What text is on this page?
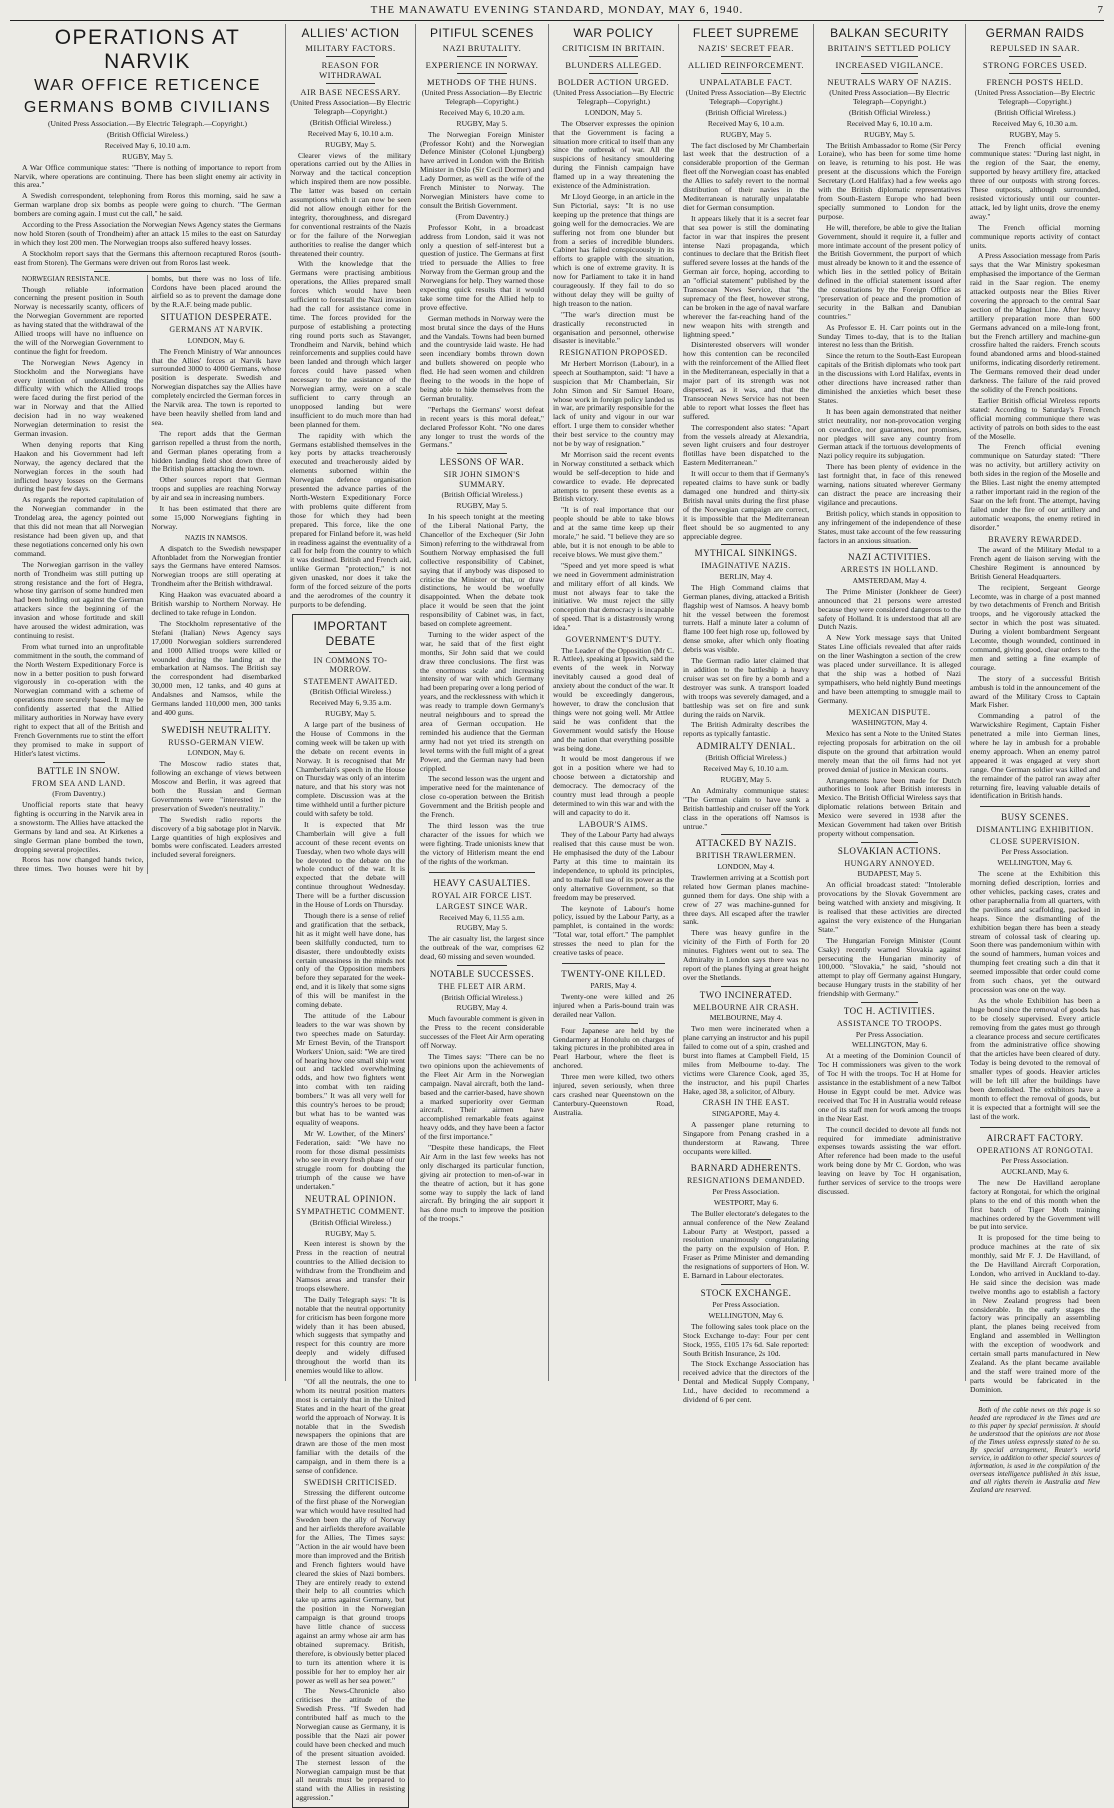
THE MANAWATU EVENING STANDARD, MONDAY, MAY 6, 1940.	7
OPERATIONS AT NARVIK
WAR OFFICE RETICENCE
GERMANS BOMB CIVILIANS

(United Press Association.—By Electric Telegraph.—Copyright.)

(British Official Wireless.)

Received May 6, 10.10 a.m.

RUGBY, May 5.

A War Office communique states: "There is nothing of importance to report from Narvik, where operations are continuing. There has been slight enemy air activity in this area."

A Swedish correspondent, telephoning from Roros this morning, said he saw a German warplane drop six bombs as people were going to church. "The German bombers are coming again. I must cut the call," he said.

According to the Press Association the Norwegian News Agency states the Germans now hold Storen (south of Trondheim) after an attack 15 miles to the east on Saturday in which they lost 200 men. The Norwegian troops also suffered heavy losses.

A Stockholm report says that the Germans this afternoon recaptured Roros (south-east from Storen). The Germans were driven out from Roros last week.

NORWEGIAN RESISTANCE.

Though reliable information concerning the present position in South Norway is necessarily scanty, officers of the Norwegian Government are reported as having stated that the withdrawal of the Allied troops will have no influence on the will of the Norwegian Government to continue the fight for freedom.

The Norwegian News Agency in Stockholm and the Norwegians have every intention of understanding the difficulty with which the Allied troops were faced during the first period of the war in Norway and that the Allied decision had in no way weakened Norwegian determination to resist the German invasion.

When denying reports that King Haakon and his Government had left Norway, the agency declared that the Norwegian forces in the south had inflicted heavy losses on the Germans during the past few days.

As regards the reported capitulation of the Norwegian commander in the Trondelag area, the agency pointed out that this did not mean that all Norwegian resistance had been given up, and that these negotiations concerned only his own command.

The Norwegian garrison in the valley north of Trondheim was still putting up strong resistance and the fort of Hegra, whose tiny garrison of some hundred men had been holding out against the German attackers since the beginning of the invasion and whose fortitude and skill have aroused the widest admiration, was continuing to resist.

From what turned into an unprofitable commitment in the south, the command of the North Western Expeditionary Force is now in a better position to push forward vigorously in co-operation with the Norwegian command with a scheme of operations more securely based. It may be confidently asserted that the Allied military authorities in Norway have every right to expect that all of the British and French Governments rue to stint the effort they promised to make in support of Hitler's latest victims.

BATTLE IN SNOW.
FROM SEA AND LAND.

(From Daventry.)

Unofficial reports state that heavy fighting is occurring in the Narvik area in a snowstorm. The Allies have attacked the Germans by land and sea. At Kirkenes a single German plane bombed the town, dropping several projectiles.

Roros has now changed hands twice, three times. Two houses were hit by bombs, but there was no loss of life. Cordons have been placed around the airfield so as to prevent the damage done by the R.A.F. being made public.

SITUATION DESPERATE.
GERMANS AT NARVIK.

LONDON, May 6.

The French Ministry of War announces that the Allies' forces at Narvik have surrounded 3000 to 4000 Germans, whose position is desperate. Swedish and Norwegian dispatches say the Allies have completely encircled the German forces in the Narvik area. The town is reported to have been heavily shelled from land and sea.

The report adds that the German garrison repelled a thrust from the north, and German planes operating from a hidden landing field shot down three of the British planes attacking the town.

Other sources report that German troops and supplies are reaching Norway by air and sea in increasing numbers.

It has been estimated that there are some 15,000 Norwegians fighting in Norway.

NAZIS IN NAMSOS.

A dispatch to the Swedish newspaper Aftonbladet from the Norwegian frontier says the Germans have entered Namsos. Norwegian troops are still operating at Trondheim after the British withdrawal.

King Haakon was evacuated aboard a British warship to Northern Norway. He declined to take refuge in London.

The Stockholm representative of the Stefani (Italian) News Agency says 17,000 Norwegian soldiers surrendered and 1000 Allied troops were killed or wounded during the landing at the embarkation at Namsos. The British say the correspondent had disembarked 30,000 men, 12 tanks, and 40 guns at Andalsnes and Namsos, while the Germans landed 110,000 men, 300 tanks and 400 guns.

SWEDISH NEUTRALITY.
RUSSO-GERMAN VIEW.

LONDON, May 6.

The Moscow radio states that, following an exchange of views between Moscow and Berlin, it was agreed that both the Russian and German Governments were "interested in the preservation of Sweden's neutrality."

The Swedish radio reports the discovery of a big sabotage plot in Narvik. Large quantities of high explosives and bombs were confiscated. Leaders arrested included several foreigners.

ALLIES' ACTION
MILITARY FACTORS.
REASON FOR WITHDRAWAL
AIR BASE NECESSARY.

(United Press Association—By Electric Telegraph—Copyright.)

(British Official Wireless.)

Received May 6, 10.10 a.m.

RUGBY, May 5.

Clearer views of the military operations carried out by the Allies in Norway and the tactical conception which inspired them are now possible. The latter was based on certain assumptions which it can now be seen did not allow enough either for the integrity, thoroughness, and disregard for conventional restraints of the Nazis or for the failure of the Norwegian authorities to realise the danger which threatened their country.

With the knowledge that the Germans were practising ambitious operations, the Allies prepared small forces which would have been sufficient to forestall the Nazi invasion had the call for assistance come in time. The forces provided for the purpose of establishing a protecting ring round ports such as Stavanger, Trondheim and Narvik, behind which reinforcements and supplies could have been landed and through which larger forces could have passed when necessary to the assistance of the Norwegian army, were on a scale sufficient to carry through an unopposed landing but were insufficient to do much more than had been planned for them.

The rapidity with which the Germans established themselves in the key ports by attacks treacherously executed and treacherously aided by elements suborned within the Norwegian defence organisation presented the advance parties of the North-Western Expeditionary Force with problems quite different from those for which they had been prepared. This force, like the one prepared for Finland before it, was held in readiness against the eventuality of a call for help from the country to which it was destined. British and French aid, unlike German "protection," is not given unasked, nor does it take the form of the forced seizure of the ports and the aerodromes of the country it purports to be defending.

IMPORTANT DEBATE
IN COMMONS TO-MORROW.
STATEMENT AWAITED.

(British Official Wireless.)

Received May 6, 9.35 a.m.

RUGBY, May 5.

A large part of the business of the House of Commons in the coming week will be taken up with the debate on recent events in Norway. It is recognised that Mr Chamberlain's speech in the House on Thursday was only of an interim nature, and that his story was not complete. Discussion was at the time withheld until a further picture could with safety be told.

It is expected that Mr Chamberlain will give a full account of these recent events on Tuesday, when two whole days will be devoted to the debate on the whole conduct of the war. It is expected that the debate will continue throughout Wednesday. There will be a further discussion in the House of Lords on Thursday.

Though there is a sense of relief and gratification that the setback, hit as it might well have done, has been skilfully conducted, turn to disaster, there undoubtedly exists certain uneasiness in the minds not only of the Opposition members before they separated for the week-end, and it is likely that some signs of this will be manifest in the coming debate.

The attitude of the Labour leaders to the war was shown by two speeches made on Saturday. Mr Ernest Bevin, of the Transport Workers' Union, said: "We are tired of hearing how one small ship went out and tackled overwhelming odds, and how two fighters went into combat with ten raiding bombers." It was all very well for this country's heroes to be proud; but what has to be wanted was equality of weapons.

Mr W. Lowther, of the Miners' Federation, said: "We have no room for those dismal pessimists who see in every fresh phase of our struggle room for doubting the triumph of the cause we have undertaken."

NEUTRAL OPINION.
SYMPATHETIC COMMENT.

(British Official Wireless.)

RUGBY, May 5.

Keen interest is shown by the Press in the reaction of neutral countries to the Allied decision to withdraw from the Trondheim and Namsos areas and transfer their troops elsewhere.

The Daily Telegraph says: "It is notable that the neutral opportunity for criticism has been forgone more widely than it has been abused, which suggests that sympathy and respect for this country are more deeply and widely diffused throughout the world than its enemies would like to allow.

"Of all the neutrals, the one to whom its neutral position matters most is certainly that in the United States and in the heart of the great world the approach of Norway. It is notable that in the Swedish newspapers the opinions that are drawn are those of the men most familiar with the details of the campaign, and in them there is a sense of confidence.

SWEDISH CRITICISED.

Stressing the different outcome of the first phase of the Norwegian war which would have resulted had Sweden been the ally of Norway and her airfields therefore available for the Allies, The Times says: "Action in the air would have been more than improved and the British and French fighters would have cleared the skies of Nazi bombers. They are entirely ready to extend their help to all countries which take up arms against Germany, but the position in the Norwegian campaign is that ground troops have little chance of success against an army whose air arm has obtained supremacy. British, therefore, is obviously better placed to turn its attention where it is possible for her to employ her air power as well as her sea power."

The News-Chronicle also criticises the attitude of the Swedish Press. "If Sweden had contributed half as much to the Norwegian cause as Germany, it is possible that the Nazi air power could have been checked and much of the present situation avoided. The sternest lesson of the Norwegian campaign must be that all neutrals must be prepared to stand with the Allies in resisting aggression."

PITIFUL SCENES
NAZI BRUTALITY.
EXPERIENCE IN NORWAY.
METHODS OF THE HUNS.

(United Press Association—By Electric Telegraph—Copyright.)

Received May 6, 10.20 a.m.

RUGBY, May 5.

The Norwegian Foreign Minister (Professor Koht) and the Norwegian Defence Minister (Colonel Ljungberg) have arrived in London with the British Minister in Oslo (Sir Cecil Dormer) and Lady Dormer, as well as the wife of the French Minister to Norway. The Norwegian Ministers have come to consult the British Government.

(From Daventry.)

Professor Koht, in a broadcast address from London, said it was not only a question of self-interest but a question of justice. The Germans at first tried to persuade the Allies to free Norway from the German group and the Norwegians for help. They warned those expecting quick results that it would take some time for the Allied help to prove effective.

German methods in Norway were the most brutal since the days of the Huns and the Vandals. Towns had been burned and the countryside laid waste. He had seen incendiary bombs thrown down and bullets showered on people who fled. He had seen women and children fleeing to the woods in the hope of being able to hide themselves from the German brutality.

"Perhaps the Germans' worst defeat in recent years is this moral defeat," declared Professor Koht. "No one dares any longer to trust the words of the Germans."

LESSONS OF WAR.
SIR JOHN SIMON'S SUMMARY.

(British Official Wireless.)

RUGBY, May 5.

In his speech tonight at the meeting of the Liberal National Party, the Chancellor of the Exchequer (Sir John Simon) referring to the withdrawal from Southern Norway emphasised the full collective responsibility of Cabinet, saying that if anybody was disposed to criticise the Minister or that, or draw distinctions, he would be woefully disappointed. When the debate took place it would be seen that the joint responsibility of Cabinet was, in fact, based on complete agreement.

Turning to the wider aspect of the war, he said that of the first eight months, Sir John said that we could draw three conclusions. The first was the enormous scale and increasing intensity of war with which Germany had been preparing over a long period of years, and the recklessness with which it was ready to trample down Germany's neutral neighbours and to spread the area of German occupation. He reminded his audience that the German army had not yet tried its strength on level terms with the full might of a great Power, and the German navy had been crippled.

The second lesson was the urgent and imperative need for the maintenance of close co-operation between the British Government and the British people and the French.

The third lesson was the true character of the issues for which we were fighting. Trade unionists knew that the victory of Hitlerism meant the end of the rights of the workman.

HEAVY CASUALTIES.
ROYAL AIR FORCE LIST.
LARGEST SINCE WAR.

Received May 6, 11.55 a.m.

RUGBY, May 5.

The air casualty list, the largest since the outbreak of the war, comprises 62 dead, 60 missing and seven wounded.

NOTABLE SUCCESSES.
THE FLEET AIR ARM.

(British Official Wireless.)

RUGBY, May 4.

Much favourable comment is given in the Press to the recent considerable successes of the Fleet Air Arm operating off Norway.

The Times says: "There can be no two opinions upon the achievements of the Fleet Air Arm in the Norwegian campaign. Naval aircraft, both the land-based and the carrier-based, have shown a marked superiority over German aircraft. Their airmen have accomplished remarkable feats against heavy odds, and they have been a factor of the first importance."

"Despite these handicaps, the Fleet Air Arm in the last few weeks has not only discharged its particular function, giving air protection to men-of-war in the theatre of action, but it has gone some way to supply the lack of land aircraft. By bringing the air support it has done much to improve the position of the troops."

WAR POLICY
CRITICISM IN BRITAIN.
BLUNDERS ALLEGED.
BOLDER ACTION URGED.

(United Press Association—By Electric Telegraph—Copyright.)

LONDON, May 5.

The Observer expresses the opinion that the Government is facing a situation more critical to itself than any since the outbreak of war. All the suspicions of hesitancy smouldering during the Finnish campaign have flamed up in a way threatening the existence of the Administration.

Mr Lloyd George, in an article in the Sun Pictorial, says: "It is no use keeping up the pretence that things are going well for the democracies. We are suffering not from one blunder but from a series of incredible blunders. Cabinet has failed conspicuously in its efforts to grapple with the situation, which is one of extreme gravity. It is now for Parliament to take it in hand courageously. If they fail to do so without delay they will be guilty of high treason to the nation.

"The war's direction must be drastically reconstructed in organisation and personnel, otherwise disaster is inevitable."

RESIGNATION PROPOSED.

Mr Herbert Morrison (Labour), in a speech at Southampton, said: "I have a suspicion that Mr Chamberlain, Sir John Simon and Sir Samuel Hoare, whose work in foreign policy landed us in war, are primarily responsible for the lack of unity and vigour in our war effort. I urge them to consider whether their best service to the country may not be by way of resignation."

Mr Morrison said the recent events in Norway constituted a setback which would be self-deception to hide and cowardice to evade. He deprecated attempts to present these events as a British victory.

"It is of real importance that our people should be able to take blows and at the same time keep up their morale," he said. "I believe they are so able, but it is not enough to be able to receive blows. We must give them."

"Speed and yet more speed is what we need in Government administration and military effort of all kinds. We must not always fear to take the initiative. We must reject the silly conception that democracy is incapable of speed. That is a distastrously wrong idea."

GOVERNMENT'S DUTY.

The Leader of the Opposition (Mr C. R. Attlee), speaking at Ipswich, said the events of the week in Norway inevitably caused a good deal of anxiety about the conduct of the war. It would be exceedingly dangerous, however, to draw the conclusion that things were not going well. Mr Attlee said he was confident that the Government would satisfy the House and the nation that everything possible was being done.

It would be most dangerous if we got in a position where we had to choose between a dictatorship and democracy. The democracy of the country must lead through a people determined to win this war and with the will and capacity to do it.

LABOUR'S AIMS.

They of the Labour Party had always realised that this cause must be won. He emphasised the duty of the Labour Party at this time to maintain its independence, to uphold its principles, and to make full use of its power as the only alternative Government, so that freedom may be preserved.

The keynote of Labour's home policy, issued by the Labour Party, as a pamphlet, is contained in the words: "Total war, total effort." The pamphlet stresses the need to plan for the creative tasks of peace.

TWENTY-ONE KILLED.

PARIS, May 4.

Twenty-one were killed and 26 injured when a Paris-bound train was derailed near Vallon.

Four Japanese are held by the Gendarmery at Honolulu on charges of taking pictures in the prohibited area in Pearl Harbour, where the fleet is anchored.

Three men were killed, two others injured, seven seriously, when three cars crashed near Queenstown on the Canterbury-Queenstown Road, Australia.

FLEET SUPREME
NAZIS' SECRET FEAR.
ALLIED REINFORCEMENT.
UNPALATABLE FACT.

(United Press Association—By Electric Telegraph—Copyright.)

(British Official Wireless.)

Received May 6, 10 a.m.

RUGBY, May 5.

The fact disclosed by Mr Chamberlain last week that the destruction of a considerable proportion of the German fleet off the Norwegian coast has enabled the Allies to safely revert to the normal distribution of their navies in the Mediterranean is naturally unpalatable diet for German consumption.

It appears likely that it is a secret fear that sea power is still the dominating factor in war that inspires the present intense Nazi propaganda, which continues to declare that the British fleet suffered severe losses at the hands of the German air force, hoping, according to an "official statement" published by the Transocean News Service, that "the supremacy of the fleet, however strong, can be broken in the age of naval warfare wherever the far-reaching hand of the new weapon hits with strength and lightning speed."

Disinterested observers will wonder how this contention can be reconciled with the reinforcement of the Allied fleet in the Mediterranean, especially in that a major part of its strength was not dispersed, as it was, and that the Transocean News Service has not been able to report what losses the fleet has suffered.

The correspondent also states: "Apart from the vessels already at Alexandria, seven light cruisers and four destroyer flotillas have been dispatched to the Eastern Mediterranean."

It will occur to them that if Germany's repeated claims to have sunk or badly damaged one hundred and thirty-six British naval units during the first phase of the Norwegian campaign are correct, it is impossible that the Mediterranean fleet should be so augmented to any appreciable degree.

MYTHICAL SINKINGS.
IMAGINATIVE NAZIS.

BERLIN, May 4.

The High Command claims that German planes, diving, attacked a British flagship west of Namsos. A heavy bomb hit the vessel between the foremost turrets. Half a minute later a column of flame 100 feet high rose up, followed by dense smoke, after which only floating debris was visible.

The German radio later claimed that in addition to the battleship a heavy cruiser was set on fire by a bomb and a destroyer was sunk. A transport loaded with troops was severely damaged, and a battleship was set on fire and sunk during the raids on Narvik.

The British Admiralty describes the reports as typically fantastic.

ADMIRALTY DENIAL.

(British Official Wireless.)

Received May 6, 10.10 a.m.

RUGBY, May 5.

An Admiralty communique states: "The German claim to have sunk a British battleship and cruiser off the York class in the operations off Namsos is untrue."

ATTACKED BY NAZIS.
BRITISH TRAWLERMEN.

LONDON, May 4.

Trawlermen arriving at a Scottish port related how German planes machine-gunned them for days. One ship with a crew of 27 was machine-gunned for three days. All escaped after the trawler sank.

There was heavy gunfire in the vicinity of the Firth of Forth for 20 minutes. Fighters went out to sea. The Admiralty in London says there was no report of the planes flying at great height over the Shetlands.

TWO INCINERATED.
MELBOURNE AIR CRASH.

MELBOURNE, May 4.

Two men were incinerated when a plane carrying an instructor and his pupil failed to come out of a spin, crashed and burst into flames at Campbell Field, 15 miles from Melbourne to-day. The victims were Clarence Cook, aged 35, the instructor, and his pupil Charles Hake, aged 38, a solicitor, of Albury.

CRASH IN THE EAST.

SINGAPORE, May 4.

A passenger plane returning to Singapore from Penang crashed in a thunderstorm at Rawang. Three occupants were killed.

BARNARD ADHERENTS.
RESIGNATIONS DEMANDED.

Per Press Association.

WESTPORT, May 6.

The Buller electorate's delegates to the annual conference of the New Zealand Labour Party at Westport, passed a resolution unanimously congratulating the party on the expulsion of Hon. P. Fraser as Prime Minister and demanding the resignations of supporters of Hon. W. E. Barnard in Labour electorates.

STOCK EXCHANGE.

Per Press Association.

WELLINGTON, May 6.

The following sales took place on the Stock Exchange to-day: Four per cent Stock, 1955, £105 17s 6d. Sale reported: South British Insurance, 2s 10d.

The Stock Exchange Association has received advice that the directors of the Dental and Medical Supply Company, Ltd., have decided to recommend a dividend of 6 per cent.

BALKAN SECURITY
BRITAIN'S SETTLED POLICY
INCREASED VIGILANCE.
NEUTRALS WARY OF NAZIS.

(United Press Association—By Electric Telegraph—Copyright.)

(British Official Wireless.)

Received May 6, 10.10 a.m.

RUGBY, May 5.

The British Ambassador to Rome (Sir Percy Loraine), who has been for some time home on leave, is returning to his post. He was present at the discussions which the Foreign Secretary (Lord Halifax) had a few weeks ago with the British diplomatic representatives from South-Eastern Europe who had been specially summoned to London for the purpose.

He will, therefore, be able to give the Italian Government, should it require it, a fuller and more intimate account of the present policy of the British Government, the purport of which must already be known to it and the essence of which lies in the settled policy of Britain defined in the official statement issued after the consultations by the Foreign Office as "preservation of peace and the promotion of security in the Balkan and Danubian countries."

As Professor E. H. Carr points out in the Sunday Times to-day, that is to the Italian interest no less than the British.

Since the return to the South-East European capitals of the British diplomats who took part in the discussions with Lord Halifax, events in other directions have increased rather than diminished the anxieties which beset these States.

It has been again demonstrated that neither strict neutrality, nor non-provocation verging on cowardice, nor guarantees, nor promises, nor pledges will save any country from German attack if the tortuous developments of Nazi policy require its subjugation.

There has been plenty of evidence in the last fortnight that, in face of this renewed warning, nations situated wherever Germany can distract the peace are increasing their vigilance and precautions.

British policy, which stands in opposition to any infringement of the independence of these States, must take account of the few reassuring factors in an anxious situation.

NAZI ACTIVITIES.
ARRESTS IN HOLLAND.

AMSTERDAM, May 4.

The Prime Minister (Jonkheer de Geer) announced that 21 persons were arrested because they were considered dangerous to the safety of Holland. It is understood that all are Dutch Nazis.

A New York message says that United States Line officials revealed that after raids on the liner Washington a section of the crew was placed under surveillance. It is alleged that the ship was a hotbed of Nazi sympathisers, who held nightly Bund meetings and have been attempting to smuggle mail to Germany.

MEXICAN DISPUTE.

WASHINGTON, May 4.

Mexico has sent a Note to the United States rejecting proposals for arbitration on the oil dispute on the ground that arbitration would merely mean that the oil firms had not yet proved denial of justice in Mexican courts.

Arrangements have been made for Dutch authorities to look after British interests in Mexico. The British Official Wireless says that diplomatic relations between Britain and Mexico were severed in 1938 after the Mexican Government had taken over British property without compensation.

SLOVAKIAN ACTIONS.
HUNGARY ANNOYED.

BUDAPEST, May 5.

An official broadcast stated: "Intolerable provocations by the Slovak Government are being watched with anxiety and misgiving. It is realised that these activities are directed against the very existence of the Hungarian State."

The Hungarian Foreign Minister (Count Csaky) recently warned Slovakia against persecuting the Hungarian minority of 100,000. "Slovakia," he said, "should not attempt to play off Germany against Hungary, because Hungary trusts in the stability of her friendship with Germany."

TOC H. ACTIVITIES.
ASSISTANCE TO TROOPS.

Per Press Association.

WELLINGTON, May 6.

At a meeting of the Dominion Council of Toc H commissioners was given to the work of Toc H with the troops. Toc H at Home for assistance in the establishment of a new Talbot House in Egypt could be met. Advice was received that Toc H in Australia would release one of its staff men for work among the troops in the Near East.

The council decided to devote all funds not required for immediate administrative expenses towards assisting the war effort. After reference had been made to the useful work being done by Mr C. Gordon, who was leaving on leave by Toc H organisation, further services of service to the troops were discussed.

GERMAN RAIDS
REPULSED IN SAAR.
STRONG FORCES USED.
FRENCH POSTS HELD.

(United Press Association—By Electric Telegraph—Copyright.)

(British Official Wireless.)

Received May 6, 10.30 a.m.

RUGBY, May 5.

The French official evening communique states: "During last night, in the region of the Saar, the enemy, supported by heavy artillery fire, attacked three of our outposts with strong forces. These outposts, although surrounded, resisted victoriously until our counter-attack, led by light units, drove the enemy away."

The French official morning communique reports activity of contact units.

A Press Association message from Paris says that the War Ministry spokesman emphasised the importance of the German raid in the Saar region. The enemy attacked outposts near the Blies River covering the approach to the central Saar section of the Maginot Line. After heavy artillery preparation more than 600 Germans advanced on a mile-long front, but the French artillery and machine-gun crossfire halted the raiders. French scouts found abandoned arms and blood-stained uniforms, indicating disorderly retirement. The Germans removed their dead under darkness. The failure of the raid proved the solidity of the French positions.

Earlier British official Wireless reports stated: According to Saturday's French official morning communique there was activity of patrols on both sides to the east of the Moselle.

The French official evening communique on Saturday stated: "There was no activity, but artillery activity on both sides in the region of the Moselle and the Blies. Last night the enemy attempted a rather important raid in the region of the Saar on the left front. The attempt, having failed under the fire of our artillery and automatic weapons, the enemy retired in disorder."

BRAVERY REWARDED.

The award of the Military Medal to a French agent de liaison serving with the Cheshire Regiment is announced by British General Headquarters.

The recipient, Sergeant George Lecomte, was in charge of a post manned by two detachments of French and British troops, and he vigorously attacked the sector in which the post was situated. During a violent bombardment Sergeant Lecomte, though wounded, continued in command, giving good, clear orders to the men and setting a fine example of courage.

The story of a successful British ambush is told in the announcement of the award of the Military Cross to Captain Mark Fisher.

Commanding a patrol of the Warwickshire Regiment, Captain Fisher penetrated a mile into German lines, where he lay in ambush for a probable enemy approach. When an enemy patrol appeared it was engaged at very short range. One German soldier was killed and the remainder of the patrol ran away after returning fire, leaving valuable details of identification in British hands.

BUSY SCENES.
DISMANTLING EXHIBITION.
CLOSE SUPERVISION.

Per Press Association.

WELLINGTON, May 6.

The scene at the Exhibition this morning defied description, lorries and other vehicles, packing cases, crates and other paraphernalia from all quarters, with the pavilions and scaffolding, packed in heaps. Since the dismantling of the exhibition began there has been a steady stream of colossal task of clearing up. Soon there was pandemonium within with the sound of hammers, human voices and thumping feet creating such a din that it seemed impossible that order could come from such chaos, yet the outward procession was one on the way.

As the whole Exhibition has been a huge bond since the removal of goods has to be closely supervised. Every article removing from the gates must go through a clearance process and secure certificates from the administrative office showing that the articles have been cleared of duty. Today is being devoted to the removal of smaller types of goods. Heavier articles will be left till after the buildings have been demolished. The exhibitors have a month to effect the removal of goods, but it is expected that a fortnight will see the last of the work.

AIRCRAFT FACTORY.
OPERATIONS AT RONGOTAI.

Per Press Association.

AUCKLAND, May 6.

The new De Havilland aeroplane factory at Rongotai, for which the original plans to the end of this month when the first batch of Tiger Moth training machines ordered by the Government will be put into service.

It is proposed for the time being to produce machines at the rate of six monthly, said Mr F. J. De Havilland, of the De Havilland Aircraft Corporation, London, who arrived in Auckland to-day. He said since the decision was made twelve months ago to establish a factory in New Zealand progress had been considerable. In the early stages the factory was principally an assembling plant, the planes being received from England and assembled in Wellington with the exception of woodwork and certain small parts manufactured in New Zealand. As the plant became available and the staff were trained more of the parts would be fabricated in the Dominion.

Both of the cable news on this page is so headed are reproduced in the Times and are to this paper by special permission. It should be understood that the opinions are not those of the Times unless expressly stated to be so. By special arrangement, Reuter's world service, in addition to other special sources of information, is used in the compilation of the overseas intelligence published in this issue, and all rights therein in Australia and New Zealand are reserved.
